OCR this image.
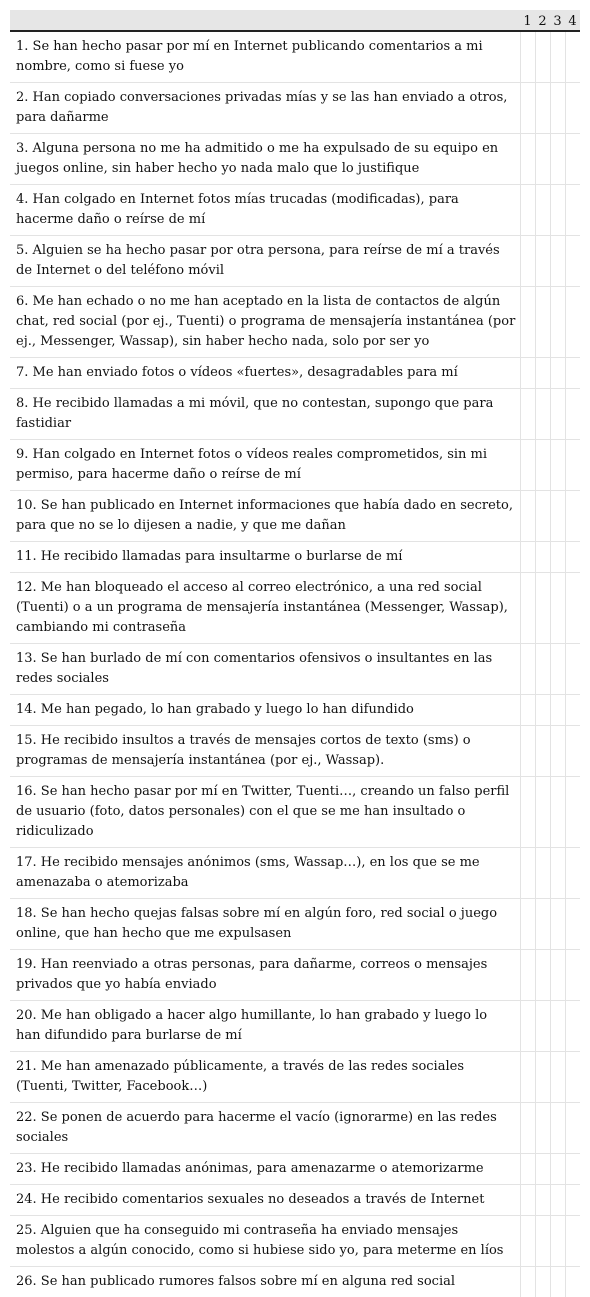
	1	2	3	4
1. Se han hecho pasar por mí en Internet publicando comentarios a mi nombre, como si fuese yo				
2. Han copiado conversaciones privadas mías y se las han enviado a otros, para dañarme				
3. Alguna persona no me ha admitido o me ha expulsado de su equipo en juegos online, sin haber hecho yo nada malo que lo justifique				
4. Han colgado en Internet fotos mías trucadas (modificadas), para hacerme daño o reírse de mí				
5. Alguien se ha hecho pasar por otra persona, para reírse de mí a través de Internet o del teléfono móvil				
6. Me han echado o no me han aceptado en la lista de contactos de algún chat, red social (por ej., Tuenti) o programa de mensajería instantánea (por ej., Messenger, Wassap), sin haber hecho nada, solo por ser yo				
7. Me han enviado fotos o vídeos «fuertes», desagradables para mí				
8. He recibido llamadas a mi móvil, que no contestan, supongo que para fastidiar				
9. Han colgado en Internet fotos o vídeos reales comprometidos, sin mi permiso, para hacerme daño o reírse de mí				
10. Se han publicado en Internet informaciones que había dado en secreto, para que no se lo dijesen a nadie, y que me dañan				
11. He recibido llamadas para insultarme o burlarse de mí				
12. Me han bloqueado el acceso al correo electrónico, a una red social (Tuenti) o a un programa de mensajería instantánea (Messenger, Wassap), cambiando mi contraseña				
13. Se han burlado de mí con comentarios ofensivos o insultantes en las redes sociales				
14. Me han pegado, lo han grabado y luego lo han difundido				
15. He recibido insultos a través de mensajes cortos de texto (sms) o programas de mensajería instantánea (por ej., Wassap).				
16. Se han hecho pasar por mí en Twitter, Tuenti…, creando un falso perfil de usuario (foto, datos personales) con el que se me han insultado o ridiculizado				
17. He recibido mensajes anónimos (sms, Wassap…), en los que se me amenazaba o atemorizaba				
18. Se han hecho quejas falsas sobre mí en algún foro, red social o juego online, que han hecho que me expulsasen				
19. Han reenviado a otras personas, para dañarme, correos o mensajes privados que yo había enviado				
20. Me han obligado a hacer algo humillante, lo han grabado y luego lo han difundido para burlarse de mí				
21. Me han amenazado públicamente, a través de las redes sociales (Tuenti, Twitter, Facebook…)				
22. Se ponen de acuerdo para hacerme el vacío (ignorarme) en las redes sociales				
23. He recibido llamadas anónimas, para amenazarme o atemorizarme				
24. He recibido comentarios sexuales no deseados a través de Internet				
25. Alguien que ha conseguido mi contraseña ha enviado mensajes molestos a algún conocido, como si hubiese sido yo, para meterme en líos				
26. Se han publicado rumores falsos sobre mí en alguna red social				
